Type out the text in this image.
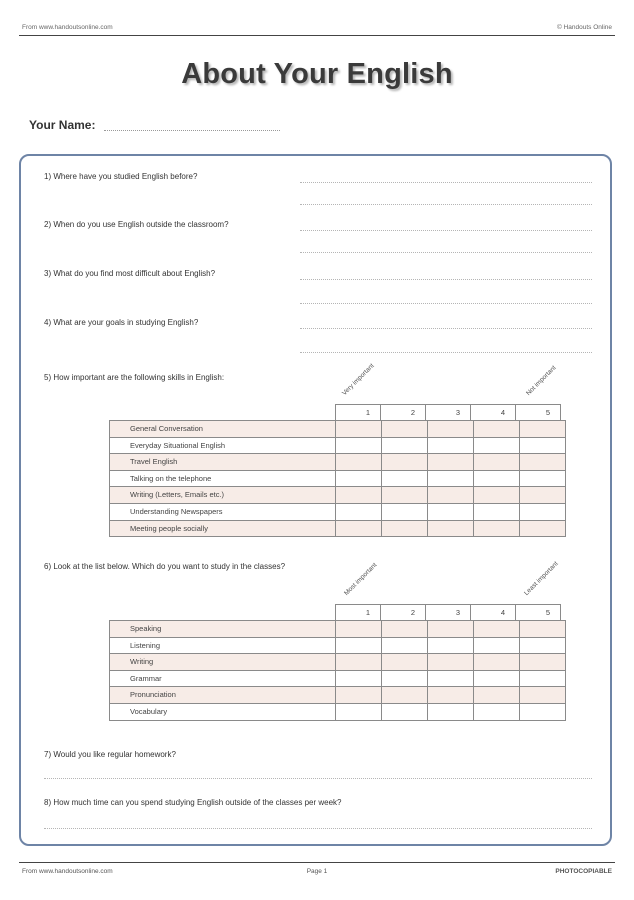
From www.handoutsonline.com	© Handouts Online
About Your English
Your Name:
1) Where have you studied English before?
2) When do you use English outside the classroom?
3) What do you find most difficult about English?
4) What are your goals in studying English?
5) How important are the following skills in English:	Very important	Not important
1	2	3	4	5
General Conversation					
Everyday Situational English					
Travel English					
Talking on the telephone					
Writing (Letters, Emails etc.)					
Understanding Newspapers					
Meeting people socially					
6) Look at the list below. Which do you want to study in the classes?	Most important	Least important
1	2	3	4	5
Speaking					
Listening					
Writing					
Grammar					
Pronunciation					
Vocabulary					
7) Would you like regular homework?
8) How much time can you spend studying English outside of the classes per week?
From www.handoutsonline.com	Page 1	PHOTOCOPIABLE
